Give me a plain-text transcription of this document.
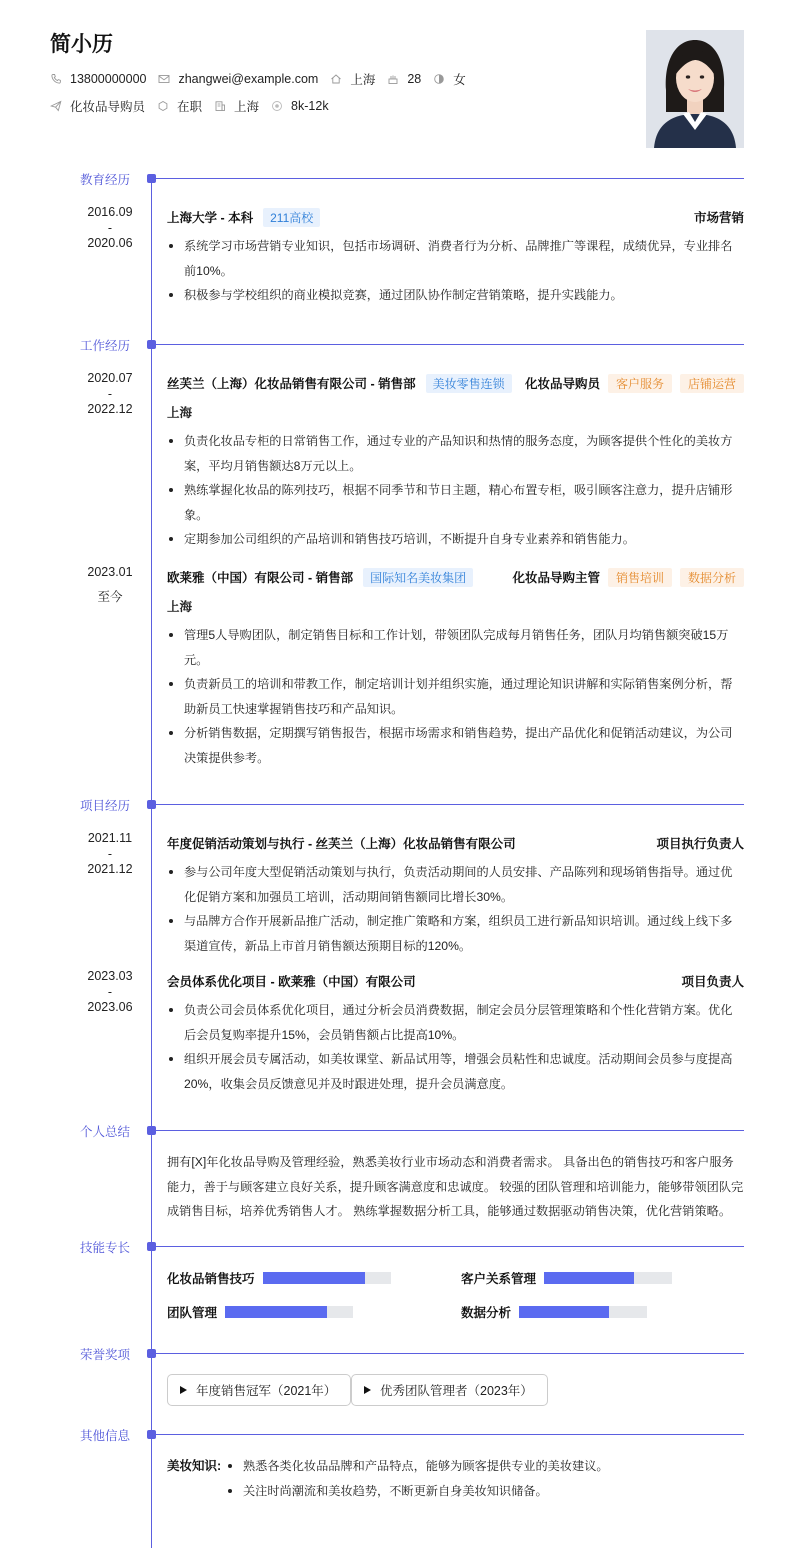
简小历
13800000000	zhangwei@example.com	上海	28	女
化妆品导购员	在职	上海	8k-12k
教育经历
2016.09
-
2020.06
上海大学 - 本科	211高校	市场营销
系统学习市场营销专业知识，包括市场调研、消费者行为分析、品牌推广等课程，成绩优异，专业排名前10%。
积极参与学校组织的商业模拟竞赛，通过团队协作制定营销策略，提升实践能力。
工作经历
2020.07
-
2022.12
丝芙兰（上海）化妆品销售有限公司 - 销售部	美妆零售连锁	化妆品导购员	客户服务	店铺运营
上海
负责化妆品专柜的日常销售工作，通过专业的产品知识和热情的服务态度，为顾客提供个性化的美妆方案，平均月销售额达8万元以上。
熟练掌握化妆品的陈列技巧，根据不同季节和节日主题，精心布置专柜，吸引顾客注意力，提升店铺形象。
定期参加公司组织的产品培训和销售技巧培训，不断提升自身专业素养和销售能力。
2023.01
至今
欧莱雅（中国）有限公司 - 销售部	国际知名美妆集团	化妆品导购主管	销售培训	数据分析
上海
管理5人导购团队，制定销售目标和工作计划，带领团队完成每月销售任务，团队月均销售额突破15万元。
负责新员工的培训和带教工作，制定培训计划并组织实施，通过理论知识讲解和实际销售案例分析，帮助新员工快速掌握销售技巧和产品知识。
分析销售数据，定期撰写销售报告，根据市场需求和销售趋势，提出产品优化和促销活动建议，为公司决策提供参考。
项目经历
2021.11
-
2021.12
年度促销活动策划与执行 - 丝芙兰（上海）化妆品销售有限公司	项目执行负责人
参与公司年度大型促销活动策划与执行，负责活动期间的人员安排、产品陈列和现场销售指导。通过优化促销方案和加强员工培训，活动期间销售额同比增长30%。
与品牌方合作开展新品推广活动，制定推广策略和方案，组织员工进行新品知识培训。通过线上线下多渠道宣传，新品上市首月销售额达预期目标的120%。
2023.03
-
2023.06
会员体系优化项目 - 欧莱雅（中国）有限公司	项目负责人
负责公司会员体系优化项目，通过分析会员消费数据，制定会员分层管理策略和个性化营销方案。优化后会员复购率提升15%，会员销售额占比提高10%。
组织开展会员专属活动，如美妆课堂、新品试用等，增强会员粘性和忠诚度。活动期间会员参与度提高20%，收集会员反馈意见并及时跟进处理，提升会员满意度。
个人总结
拥有[X]年化妆品导购及管理经验，熟悉美妆行业市场动态和消费者需求。 具备出色的销售技巧和客户服务能力，善于与顾客建立良好关系，提升顾客满意度和忠诚度。 较强的团队管理和培训能力，能够带领团队完成销售目标，培养优秀销售人才。 熟练掌握数据分析工具，能够通过数据驱动销售决策，优化营销策略。
技能专长
化妆品销售技巧	客户关系管理
团队管理	数据分析
荣誉奖项
年度销售冠军（2021年）	优秀团队管理者（2023年）
其他信息
美妆知识:	熟悉各类化妆品品牌和产品特点，能够为顾客提供专业的美妆建议。
关注时尚潮流和美妆趋势，不断更新自身美妆知识储备。
